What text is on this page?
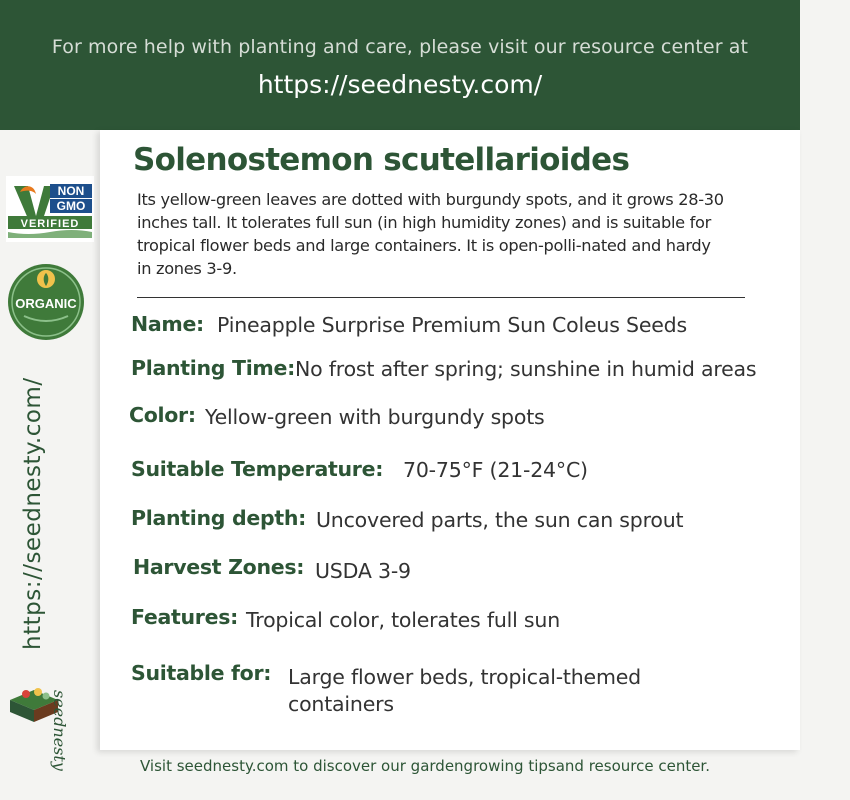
For more help with planting and care, please visit our resource center at
https://seednesty.com/
NON
GMO
VERIFIED
ORGANIC
https://seednesty.com/
seednesty
Solenostemon scutellarioides
Its yellow-green leaves are dotted with burgundy spots, and it grows 28-30 inches tall. It tolerates full sun (in high humidity zones) and is suitable for tropical flower beds and large containers. It is open-polli-nated and hardy in zones 3-9.
Name: Pineapple Surprise Premium Sun Coleus Seeds
Planting Time: No frost after spring; sunshine in humid areas
Color: Yellow-green with burgundy spots
Suitable Temperature: 70-75°F (21-24°C)
Planting depth: Uncovered parts, the sun can sprout
Harvest Zones: USDA 3-9
Features: Tropical color, tolerates full sun
Suitable for: Large flower beds, tropical-themed
containers
Visit seednesty.com to discover our gardengrowing tipsand resource center.
